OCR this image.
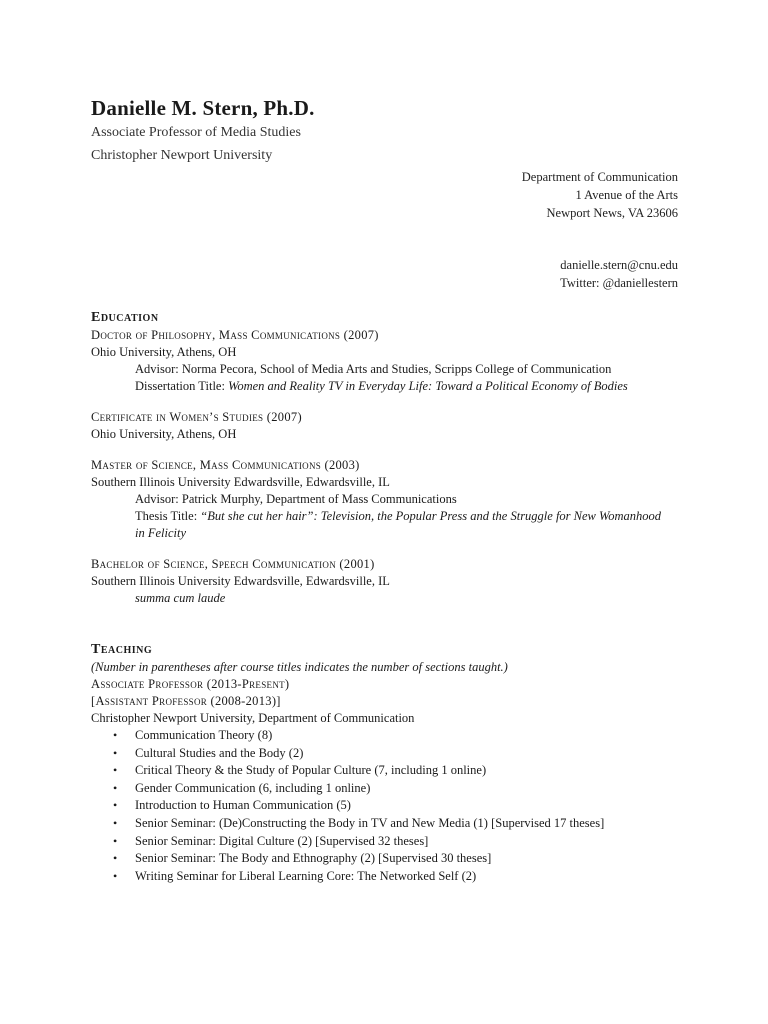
Danielle M. Stern, Ph.D.
Associate Professor of Media Studies
Christopher Newport University
Department of Communication
1 Avenue of the Arts
Newport News, VA 23606
danielle.stern@cnu.edu
Twitter: @daniellestern
Education
Doctor of Philosophy, Mass Communications (2007)
Ohio University, Athens, OH
Advisor: Norma Pecora, School of Media Arts and Studies, Scripps College of Communication
Dissertation Title: Women and Reality TV in Everyday Life: Toward a Political Economy of Bodies
Certificate in Women’s Studies (2007)
Ohio University, Athens, OH
Master of Science, Mass Communications (2003)
Southern Illinois University Edwardsville, Edwardsville, IL
Advisor: Patrick Murphy, Department of Mass Communications
Thesis Title: “But she cut her hair”: Television, the Popular Press and the Struggle for New Womanhood
in Felicity
Bachelor of Science, Speech Communication (2001)
Southern Illinois University Edwardsville, Edwardsville, IL
summa cum laude
Teaching
(Number in parentheses after course titles indicates the number of sections taught.)
Associate Professor (2013-Present)
[Assistant Professor (2008-2013)]
Christopher Newport University, Department of Communication
• Communication Theory (8)
• Cultural Studies and the Body (2)
• Critical Theory & the Study of Popular Culture (7, including 1 online)
• Gender Communication (6, including 1 online)
• Introduction to Human Communication (5)
• Senior Seminar: (De)Constructing the Body in TV and New Media (1) [Supervised 17 theses]
• Senior Seminar: Digital Culture (2) [Supervised 32 theses]
• Senior Seminar: The Body and Ethnography (2) [Supervised 30 theses]
• Writing Seminar for Liberal Learning Core: The Networked Self (2)
